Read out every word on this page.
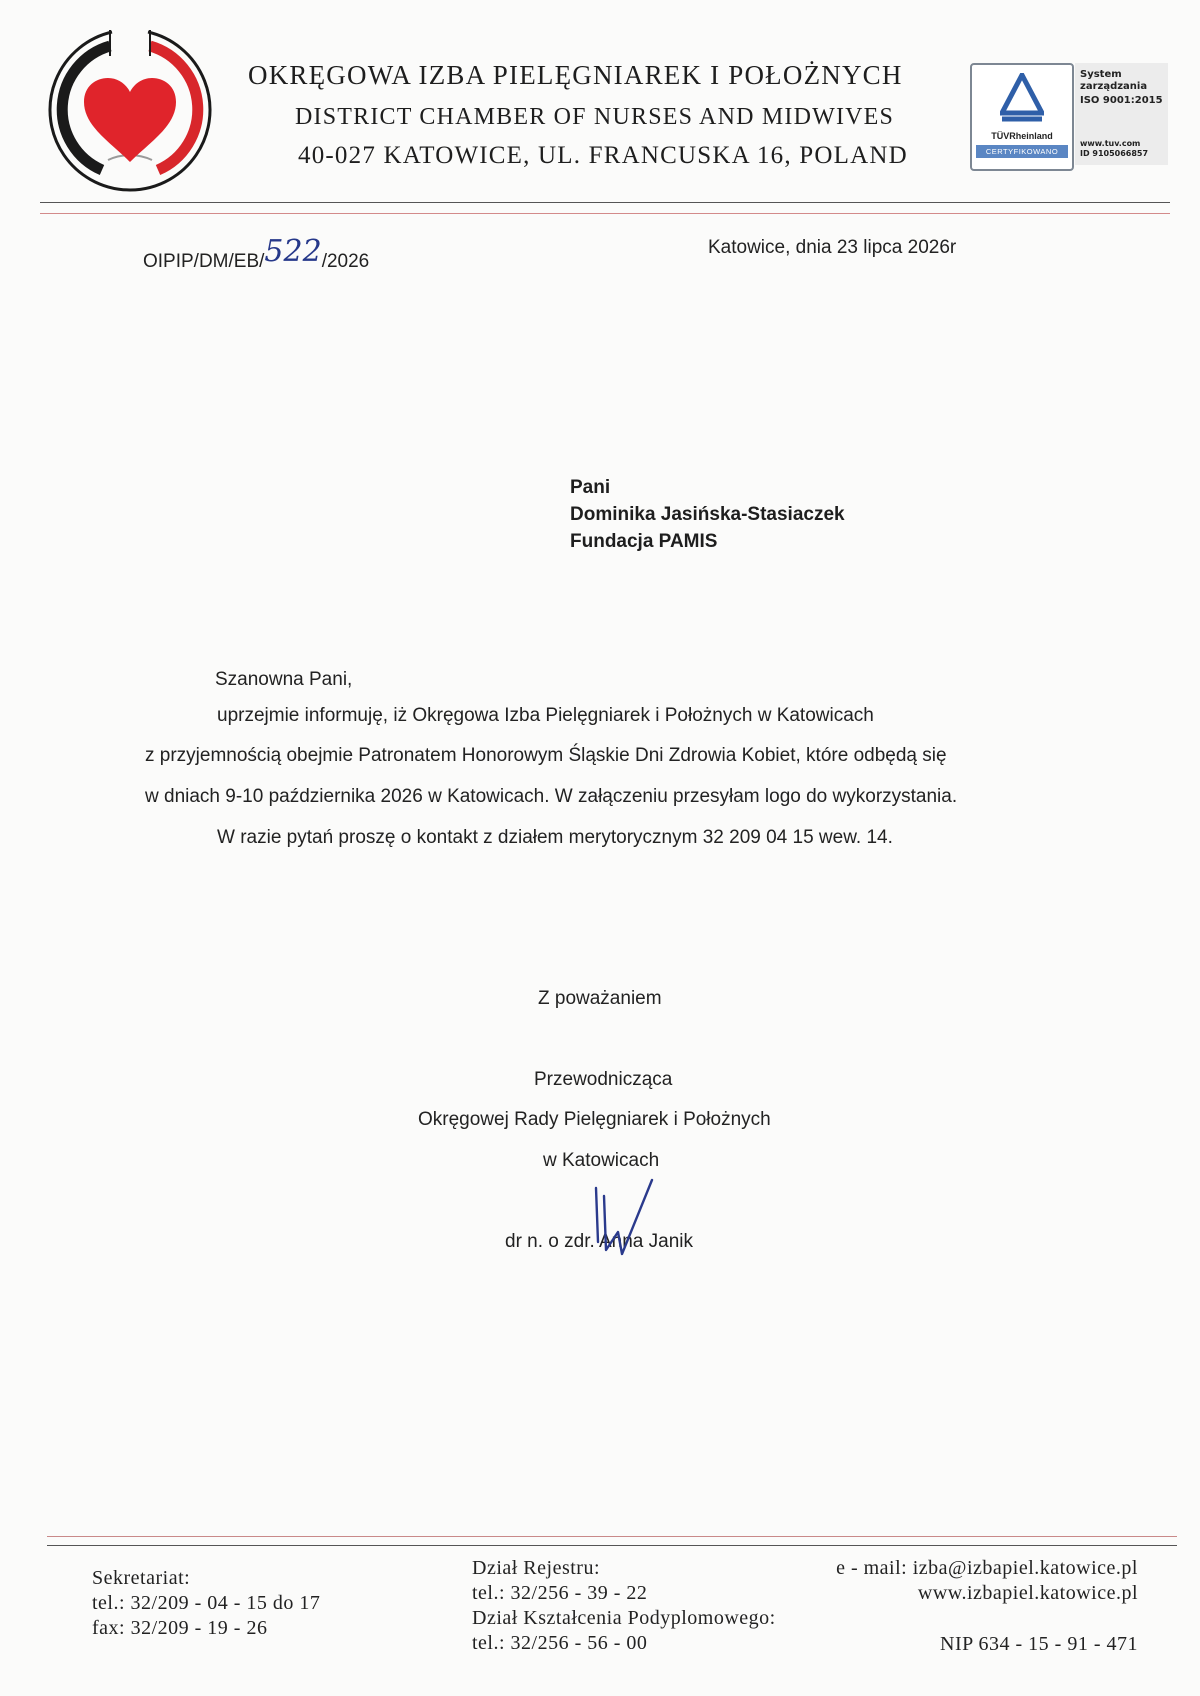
OKRĘGOWA IZBA PIELĘGNIAREK I POŁOŻNYCH
DISTRICT CHAMBER OF NURSES AND MIDWIVES
40-027 KATOWICE, UL. FRANCUSKA 16, POLAND
TÜVRheinland
CERTYFIKOWANO
System
zarządzania
ISO 9001:2015
www.tuv.com
ID 9105066857
OIPIP/DM/EB/522/2026
Katowice, dnia 23 lipca 2026r
Pani
Dominika Jasińska-Stasiaczek
Fundacja PAMIS
Szanowna Pani,
uprzejmie informuję, iż Okręgowa Izba Pielęgniarek i Położnych w Katowicach
z przyjemnością obejmie Patronatem Honorowym Śląskie Dni Zdrowia Kobiet, które odbędą się
w dniach 9-10 października 2026 w Katowicach. W załączeniu przesyłam logo do wykorzystania.
W razie pytań proszę o kontakt z działem merytorycznym 32 209 04 15 wew. 14.
Z poważaniem
Przewodnicząca
Okręgowej Rady Pielęgniarek i Położnych
w Katowicach
dr n. o zdr. Anna Janik
Sekretariat:
tel.: 32/209 - 04 - 15 do 17
fax: 32/209 - 19 - 26
Dział Rejestru:
tel.: 32/256 - 39 - 22
Dział Kształcenia Podyplomowego:
tel.: 32/256 - 56 - 00
e - mail: izba@izbapiel.katowice.pl
www.izbapiel.katowice.pl
NIP 634 - 15 - 91 - 471
